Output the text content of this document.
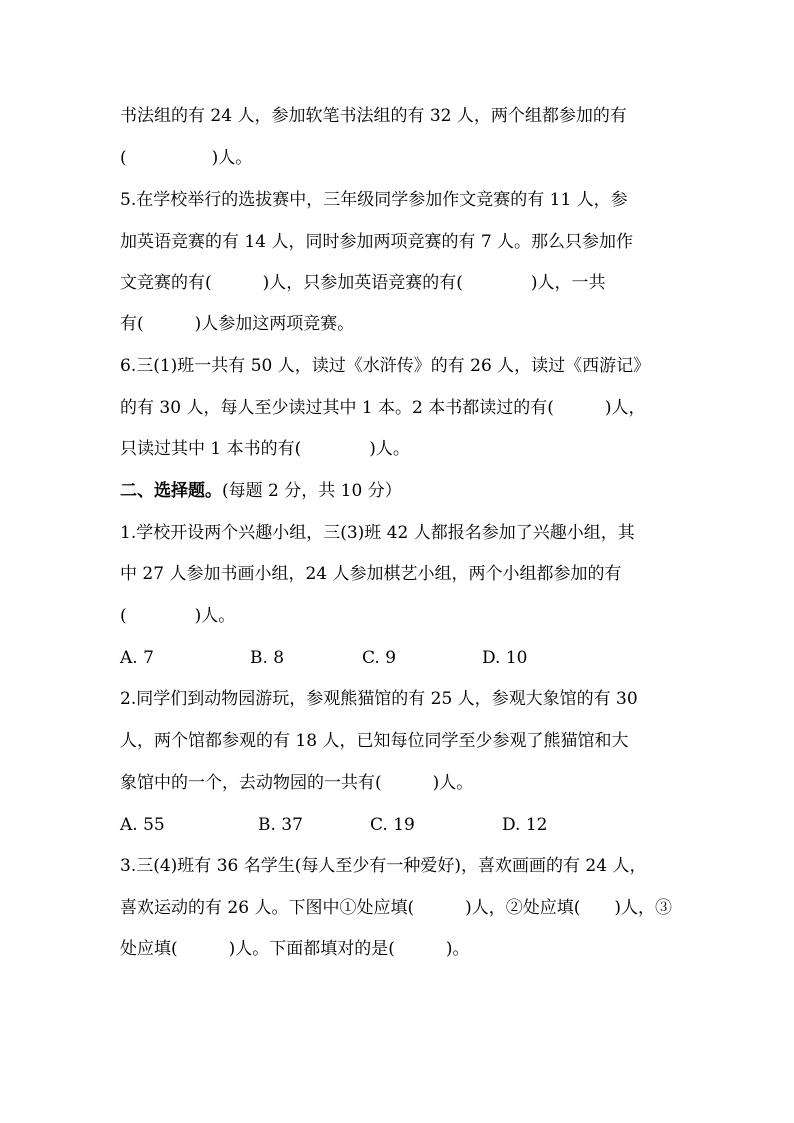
书法组的有 24 人，参加软笔书法组的有 32 人，两个组都参加的有
(　　　　　)人。
5.在学校举行的选拔赛中，三年级同学参加作文竞赛的有 11 人，参
加英语竞赛的有 14 人，同时参加两项竞赛的有 7 人。那么只参加作
文竞赛的有(　　　)人，只参加英语竞赛的有(　　　　)人，一共
有(　　　)人参加这两项竞赛。
6.三(1)班一共有 50 人，读过《水浒传》的有 26 人，读过《西游记》
的有 30 人，每人至少读过其中 1 本。2 本书都读过的有(　　　)人，
只读过其中 1 本书的有(　　　　)人。
二、选择题。(每题 2 分，共 10 分）
1.学校开设两个兴趣小组，三(3)班 42 人都报名参加了兴趣小组，其
中 27 人参加书画小组，24 人参加棋艺小组，两个小组都参加的有
(　　　　)人。
A. 7	B. 8	C. 9	D. 10
2.同学们到动物园游玩，参观熊猫馆的有 25 人，参观大象馆的有 30
人，两个馆都参观的有 18 人，已知每位同学至少参观了熊猫馆和大
象馆中的一个，去动物园的一共有(　　　)人。
A. 55	B. 37	C. 19	D. 12
3.三(4)班有 36 名学生(每人至少有一种爱好)，喜欢画画的有 24 人，
喜欢运动的有 26 人。下图中①处应填(　　　)人，②处应填(　　)人，③
处应填(　　　)人。下面都填对的是(　　　)。
